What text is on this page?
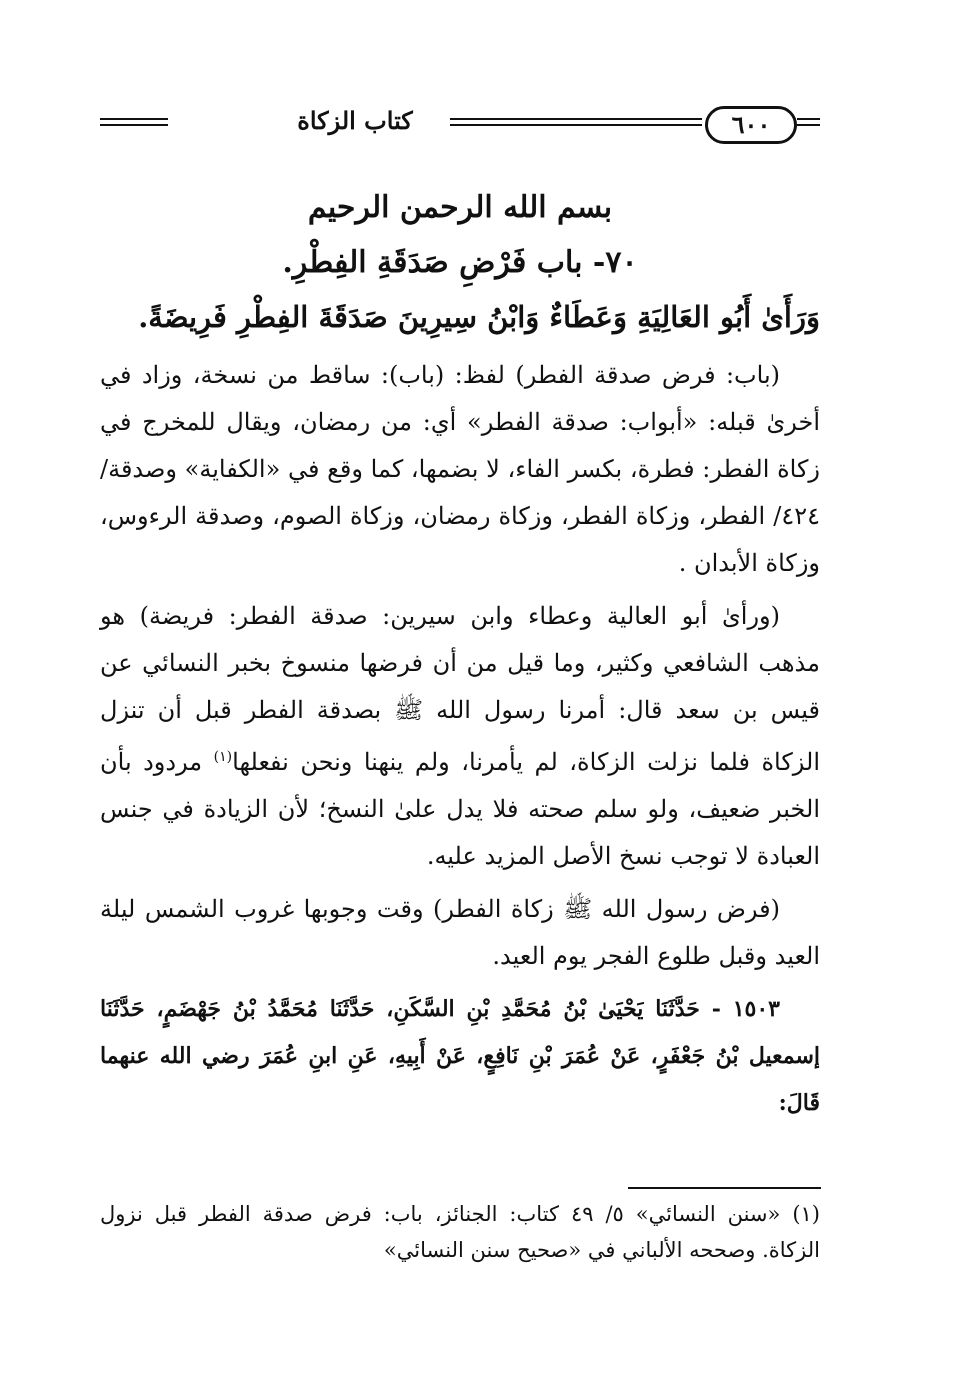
كتاب الزكاة	٦٠٠
بسم الله الرحمن الرحيم
٧٠- باب فَرْضِ صَدَقَةِ الفِطْرِ.
وَرَأَىٰ أَبُو العَالِيَةِ وَعَطَاءٌ وَابْنُ سِيرِينَ صَدَقَةَ الفِطْرِ فَرِيضَةً.

(باب: فرض صدقة الفطر) لفظ: (باب): ساقط من نسخة، وزاد في أخرىٰ قبله: «أبواب: صدقة الفطر» أي: من رمضان، ويقال للمخرج في زكاة الفطر: فطرة، بكسر الفاء، لا بضمها، كما وقع في «الكفاية» وصدقة/ ٤٢٤/ الفطر، وزكاة الفطر، وزكاة رمضان، وزكاة الصوم، وصدقة الرءوس، وزكاة الأبدان .

(ورأىٰ أبو العالية وعطاء وابن سيرين: صدقة الفطر: فريضة) هو مذهب الشافعي وكثير، وما قيل من أن فرضها منسوخ بخبر النسائي عن قيس بن سعد قال: أمرنا رسول الله ﷺ بصدقة الفطر قبل أن تنزل الزكاة فلما نزلت الزكاة، لم يأمرنا، ولم ينهنا ونحن نفعلها$^{(١)}$ مردود بأن الخبر ضعيف، ولو سلم صحته فلا يدل علىٰ النسخ؛ لأن الزيادة في جنس العبادة لا توجب نسخ الأصل المزيد عليه.

(فرض رسول الله ﷺ زكاة الفطر) وقت وجوبها غروب الشمس ليلة العيد وقبل طلوع الفجر يوم العيد.

١٥٠٣ - حَدَّثَنَا يَحْيَىٰ بْنُ مُحَمَّدِ بْنِ السَّكَنِ، حَدَّثَنَا مُحَمَّدُ بْنُ جَهْضَمٍ، حَدَّثَنَا إسمعيل بْنُ جَعْفَرٍ، عَنْ عُمَرَ بْنِ نَافِعٍ، عَنْ أَبِيهِ، عَنِ ابنِ عُمَرَ رضي الله عنهما قَالَ:

(١) «سنن النسائي» ٥/ ٤٩ كتاب: الجنائز، باب: فرض صدقة الفطر قبل نزول الزكاة. وصححه الألباني في «صحيح سنن النسائي»
